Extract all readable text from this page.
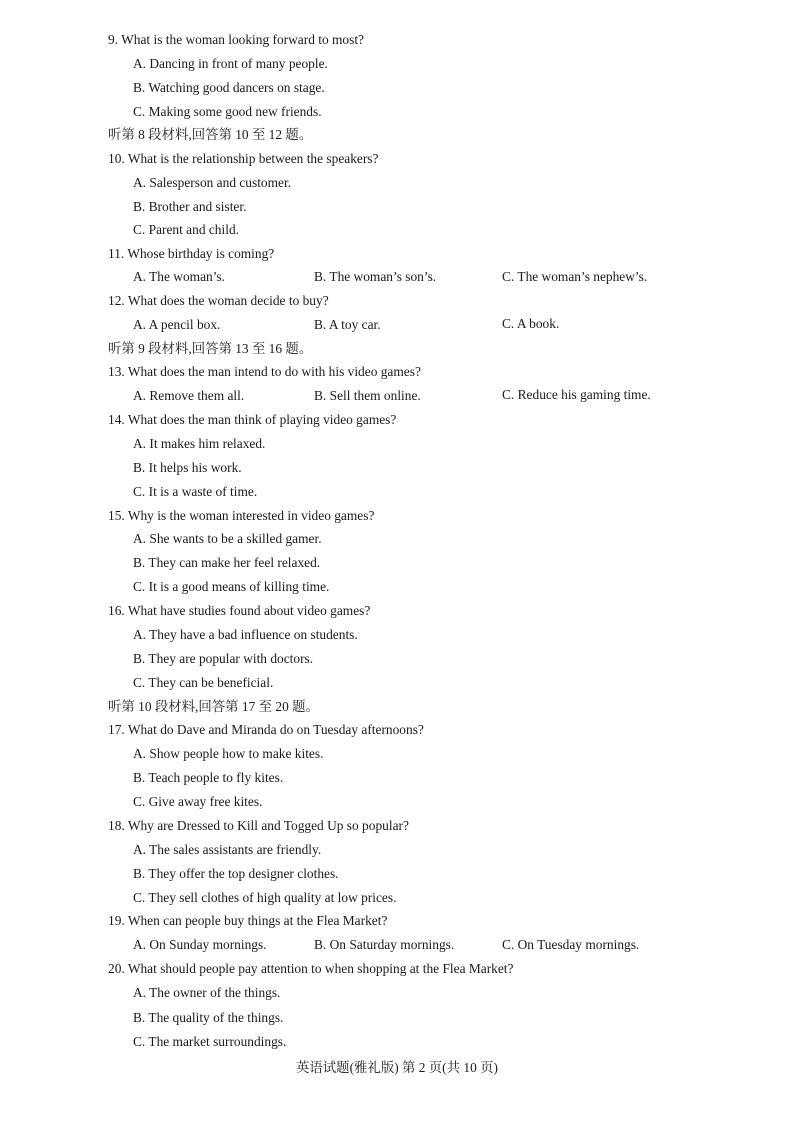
9. What is the woman looking forward to most?
A. Dancing in front of many people.
B. Watching good dancers on stage.
C. Making some good new friends.
听第 8 段材料,回答第 10 至 12 题。
10. What is the relationship between the speakers?
A. Salesperson and customer.
B. Brother and sister.
C. Parent and child.
11. Whose birthday is coming?
A. The woman’s.	B. The woman’s son’s.	C. The woman’s nephew’s.
12. What does the woman decide to buy?
A. A pencil box.	B. A toy car.	C. A book.
听第 9 段材料,回答第 13 至 16 题。
13. What does the man intend to do with his video games?
A. Remove them all.	B. Sell them online.	C. Reduce his gaming time.
14. What does the man think of playing video games?
A. It makes him relaxed.
B. It helps his work.
C. It is a waste of time.
15. Why is the woman interested in video games?
A. She wants to be a skilled gamer.
B. They can make her feel relaxed.
C. It is a good means of killing time.
16. What have studies found about video games?
A. They have a bad influence on students.
B. They are popular with doctors.
C. They can be beneficial.
听第 10 段材料,回答第 17 至 20 题。
17. What do Dave and Miranda do on Tuesday afternoons?
A. Show people how to make kites.
B. Teach people to fly kites.
C. Give away free kites.
18. Why are Dressed to Kill and Togged Up so popular?
A. The sales assistants are friendly.
B. They offer the top designer clothes.
C. They sell clothes of high quality at low prices.
19. When can people buy things at the Flea Market?
A. On Sunday mornings.	B. On Saturday mornings.	C. On Tuesday mornings.
20. What should people pay attention to when shopping at the Flea Market?
A. The owner of the things.
B. The quality of the things.
C. The market surroundings.
英语试题(雅礼版) 第 2 页(共 10 页)
